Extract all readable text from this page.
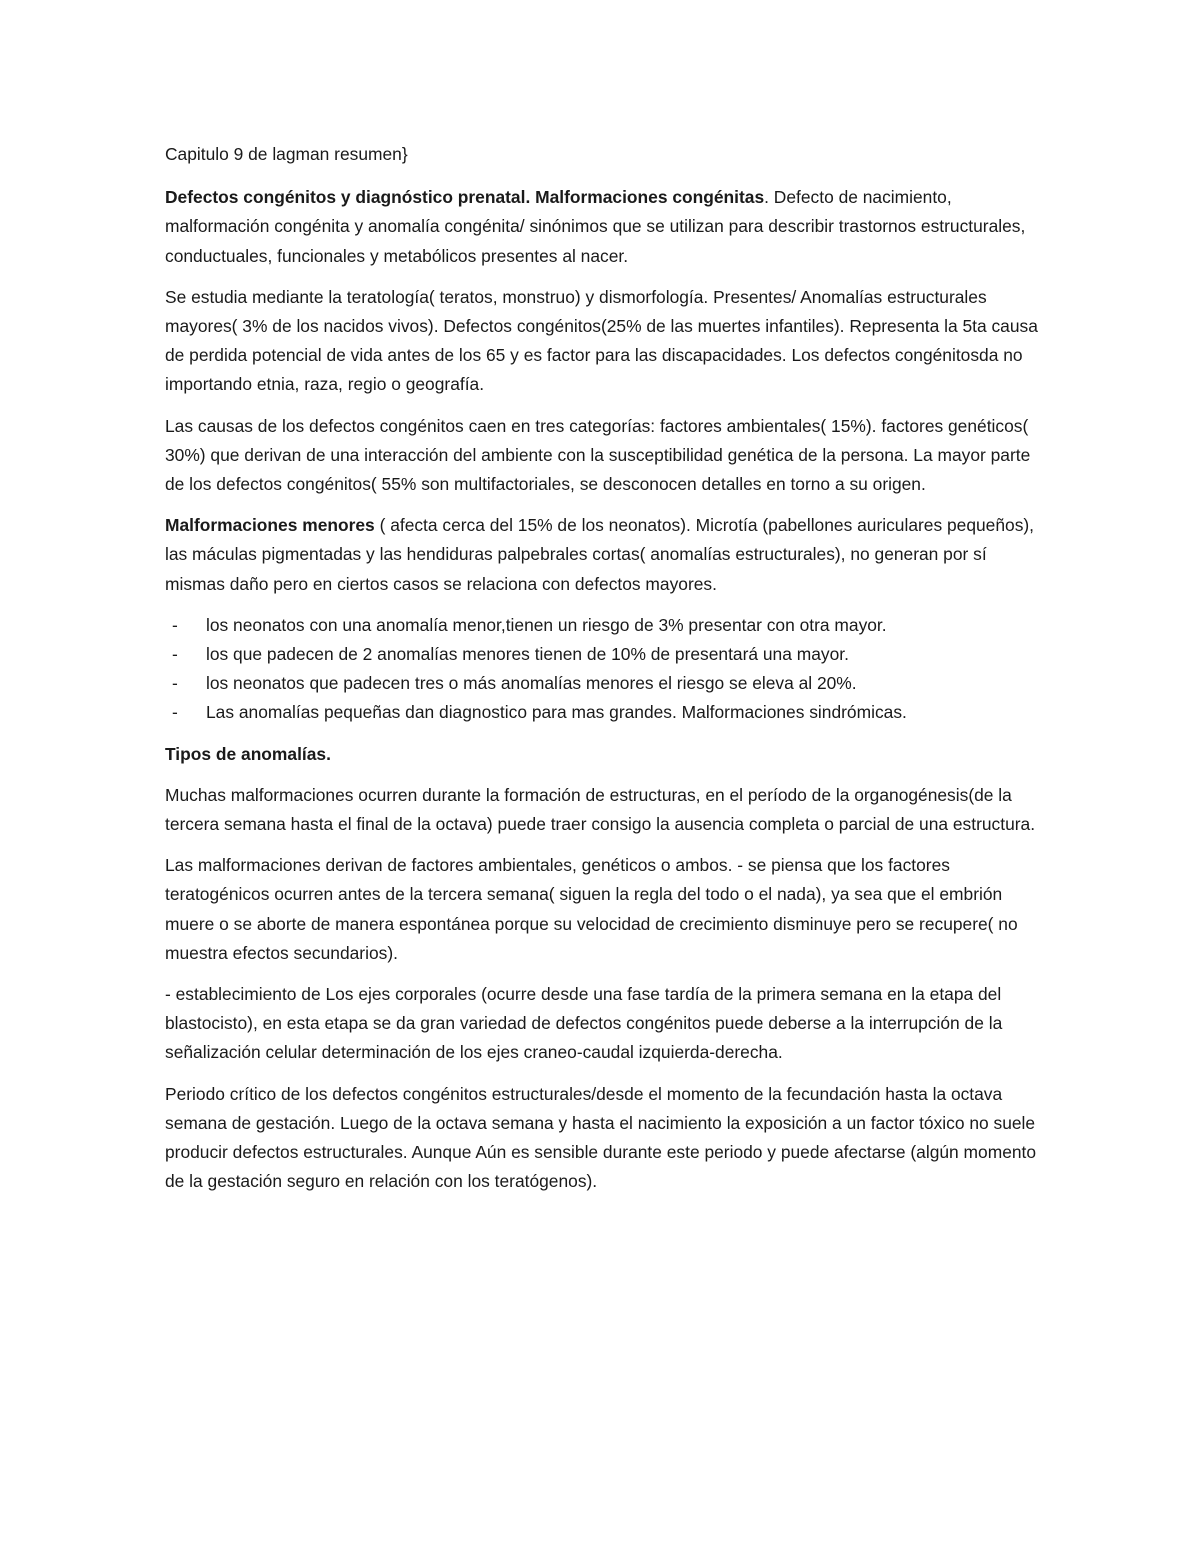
Capitulo 9 de lagman resumen}

Defectos congénitos y diagnóstico prenatal. Malformaciones congénitas. Defecto de nacimiento, malformación congénita y anomalía congénita/ sinónimos que se utilizan para describir trastornos estructurales, conductuales, funcionales y metabólicos presentes al nacer.

Se estudia mediante la teratología( teratos, monstruo) y dismorfología. Presentes/ Anomalías estructurales mayores( 3% de los nacidos vivos). Defectos congénitos(25% de las muertes infantiles). Representa la 5ta causa de perdida potencial de vida antes de los 65 y es factor para las discapacidades. Los defectos congénitosda no importando etnia, raza, regio o geografía.

Las causas de los defectos congénitos caen en tres categorías: factores ambientales( 15%). factores genéticos( 30%) que derivan de una interacción del ambiente con la susceptibilidad genética de la persona. La mayor parte de los defectos congénitos( 55% son multifactoriales, se desconocen detalles en torno a su origen.

Malformaciones menores ( afecta cerca del 15% de los neonatos). Microtía (pabellones auriculares pequeños), las máculas pigmentadas y las hendiduras palpebrales cortas( anomalías estructurales), no generan por sí mismas daño pero en ciertos casos se relaciona con defectos mayores.

- los neonatos con una anomalía menor,tienen un riesgo de 3% presentar con otra mayor.
- los que padecen de 2 anomalías menores tienen de 10% de presentará una mayor.
- los neonatos que padecen tres o más anomalías menores el riesgo se eleva al 20%.
- Las anomalías pequeñas dan diagnostico para mas grandes. Malformaciones sindrómicas.

Tipos de anomalías.

Muchas malformaciones ocurren durante la formación de estructuras, en el período de la organogénesis(de la tercera semana hasta el final de la octava) puede traer consigo la ausencia completa o parcial de una estructura.

Las malformaciones derivan de factores ambientales, genéticos o ambos. - se piensa que los factores teratogénicos ocurren antes de la tercera semana( siguen la regla del todo o el nada), ya sea que el embrión muere o se aborte de manera espontánea porque su velocidad de crecimiento disminuye pero se recupere( no muestra efectos secundarios).

- establecimiento de Los ejes corporales (ocurre desde una fase tardía de la primera semana en la etapa del blastocisto), en esta etapa se da gran variedad de defectos congénitos puede deberse a la interrupción de la señalización celular determinación de los ejes craneo-caudal izquierda-derecha.

Periodo crítico de los defectos congénitos estructurales/desde el momento de la fecundación hasta la octava semana de gestación. Luego de la octava semana y hasta el nacimiento la exposición a un factor tóxico no suele producir defectos estructurales. Aunque Aún es sensible durante este periodo y puede afectarse (algún momento de la gestación seguro en relación con los teratógenos).
